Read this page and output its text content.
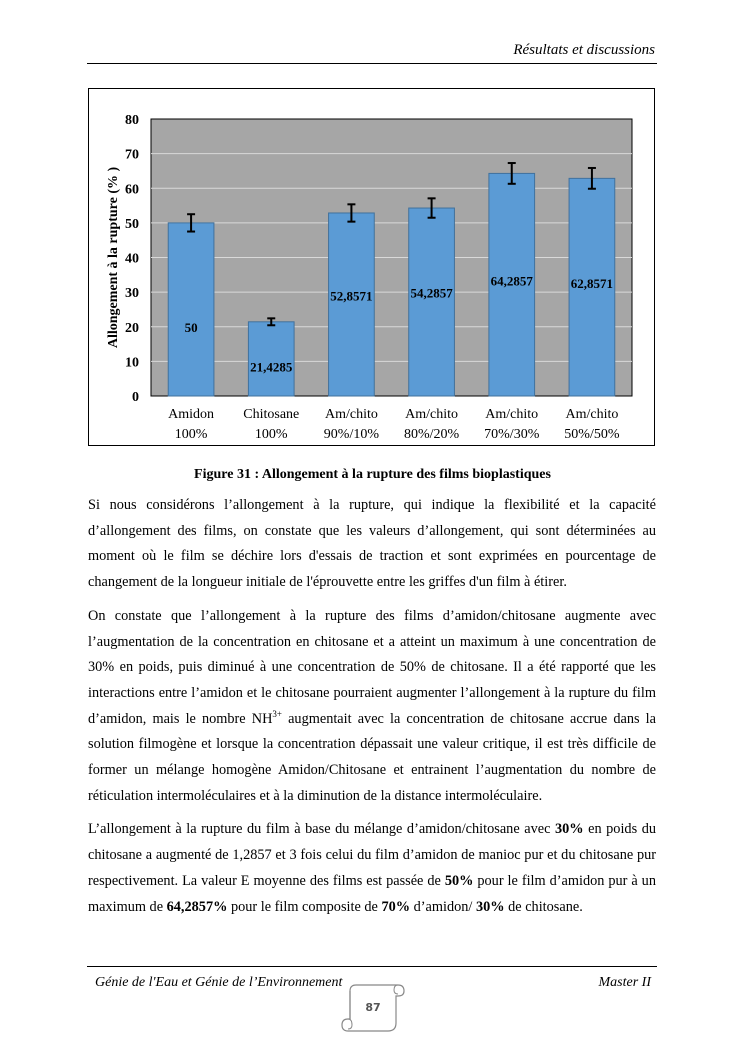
Résultats et discussions
0
10
20
30
40
50
60
70
80
Allongement à la rupture (% )	50
Amidon
100%
21,4285
Chitosane
100%
52,8571
Am/chito
90%/10%
54,2857
Am/chito
80%/20%
64,2857
Am/chito
70%/30%
62,8571
Am/chito
50%/50%
Figure 31 : Allongement à la rupture des films bioplastiques

Si nous considérons l’allongement à la rupture, qui indique la flexibilité et la capacité d’allongement des films, on constate que les valeurs d’allongement, qui sont déterminées au moment où le film se déchire lors d'essais de traction et sont exprimées en pourcentage de changement de la longueur initiale de l'éprouvette entre les griffes d'un film à étirer.

On constate que l’allongement à la rupture des films d’amidon/chitosane augmente avec l’augmentation de la concentration en chitosane et a atteint un maximum à une concentration de 30% en poids, puis diminué à une concentration de 50% de chitosane. Il a été rapporté que les interactions entre l’amidon et le chitosane pourraient augmenter l’allongement à la rupture du film d’amidon, mais le nombre $NH^{3+}$ augmentait avec la concentration de chitosane accrue dans la solution filmogène et lorsque la concentration dépassait une valeur critique, il est très difficile de former un mélange homogène Amidon/Chitosane et entrainent l’augmentation du nombre de réticulation intermoléculaires et à la diminution de la distance intermoléculaire.

L’allongement à la rupture du film à base du mélange d’amidon/chitosane avec 30% en poids du chitosane a augmenté de 1,2857 et 3 fois celui du film d’amidon de manioc pur et du chitosane pur respectivement. La valeur E moyenne des films est passée de 50% pour le film d’amidon pur à un maximum de 64,2857% pour le film composite de 70% d’amidon/ 30% de chitosane.

Génie de l'Eau et Génie de l’Environnement	Master II
87
